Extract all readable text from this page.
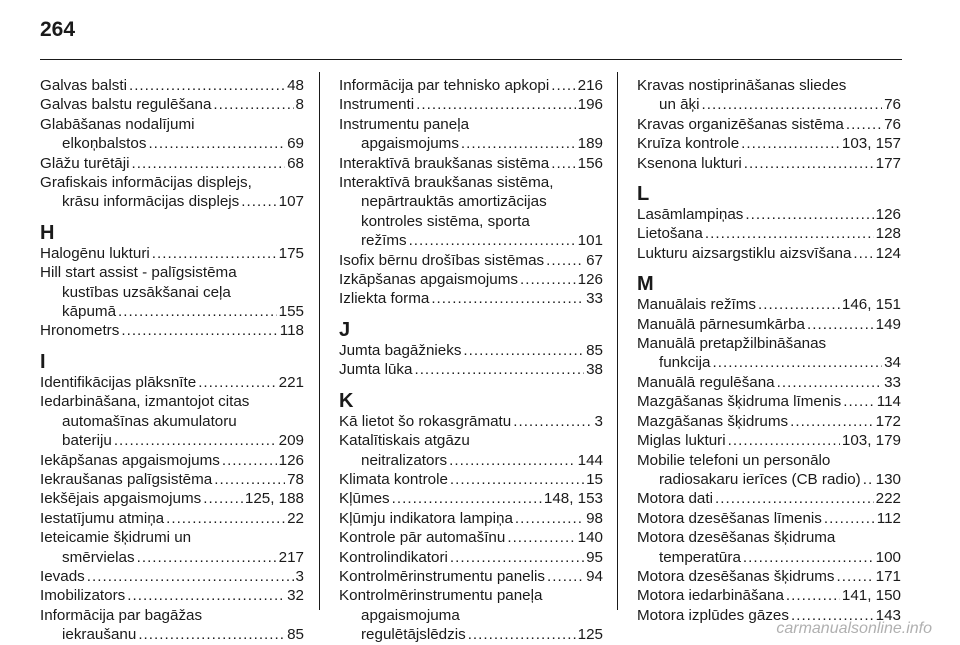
264
Galvas balsti . . .	48
Galvas balstu regulēšana . . .	8
Glabāšanas nodalījumi
elkoņbalstos . . .	69
Glāžu turētāji . . .	68
Grafiskais informācijas displejs,
krāsu informācijas displejs . . .	107
H
Halogēnu lukturi . . .	175
Hill start assist - palīgsistēma
kustības uzsākšanai ceļa
kāpumā . . .	155
Hronometrs . . .	118
I
Identifikācijas plāksnīte . . .	221
Iedarbināšana, izmantojot citas
automašīnas akumulatoru
bateriju . . .	209
Iekāpšanas apgaismojums . . .	126
Iekraušanas palīgsistēma . . .	78
Iekšējais apgaismojums . . .	125, 188
Iestatījumu atmiņa . . .	22
Ieteicamie šķidrumi un
smērvielas . . .	217
Ievads . . .	3
Imobilizators . . .	32
Informācija par bagāžas
iekraušanu . . .	85
Informācija par tehnisko apkopi . . . 216
Instrumenti . . .	196
Instrumentu paneļa
apgaismojums . . .	189
Interaktīvā braukšanas sistēma . . . 156
Interaktīvā braukšanas sistēma,
nepārtrauktās amortizācijas
kontroles sistēma, sporta
režīms . . .	101
Isofix bērnu drošības sistēmas . . .	67
Izkāpšanas apgaismojums . . .	126
Izliekta forma . . .	33
J
Jumta bagāžnieks . . .	85
Jumta lūka . . .	38
K
Kā lietot šo rokasgrāmatu . . .	3
Katalītiskais atgāzu
neitralizators . . .	144
Klimata kontrole . . .	15
Kļūmes . . .	148, 153
Kļūmju indikatora lampiņa . . .	98
Kontrole pār automašīnu . . .	140
Kontrolindikatori . . .	95
Kontrolmērinstrumentu panelis . . .	94
Kontrolmērinstrumentu paneļa
apgaismojuma
regulētājslēdzis . . .	125
Kravas nostiprināšanas sliedes
un āķi . . .	76
Kravas organizēšanas sistēma . . .	76
Kruīza kontrole . . .	103, 157
Ksenona lukturi . . .	177
L
Lasāmlampiņas . . .	126
Lietošana . . .	128
Lukturu aizsargstiklu aizsvīšana . . . 124
M
Manuālais režīms . . .	146, 151
Manuālā pārnesumkārba . . .	149
Manuālā pretapžilbināšanas
funkcija . . .	34
Manuālā regulēšana . . .	33
Mazgāšanas šķidruma līmenis . . . 114
Mazgāšanas šķidrums . . .	172
Miglas lukturi . . .	103, 179
Mobilie telefoni un personālo
radiosakaru ierīces (CB radio) . . . 130
Motora dati . . .	222
Motora dzesēšanas līmenis . . .	112
Motora dzesēšanas šķidruma
temperatūra . . .	100
Motora dzesēšanas šķidrums . . .	171
Motora iedarbināšana . . .	141, 150
Motora izplūdes gāzes . . .	143
carmanualsonline.info
